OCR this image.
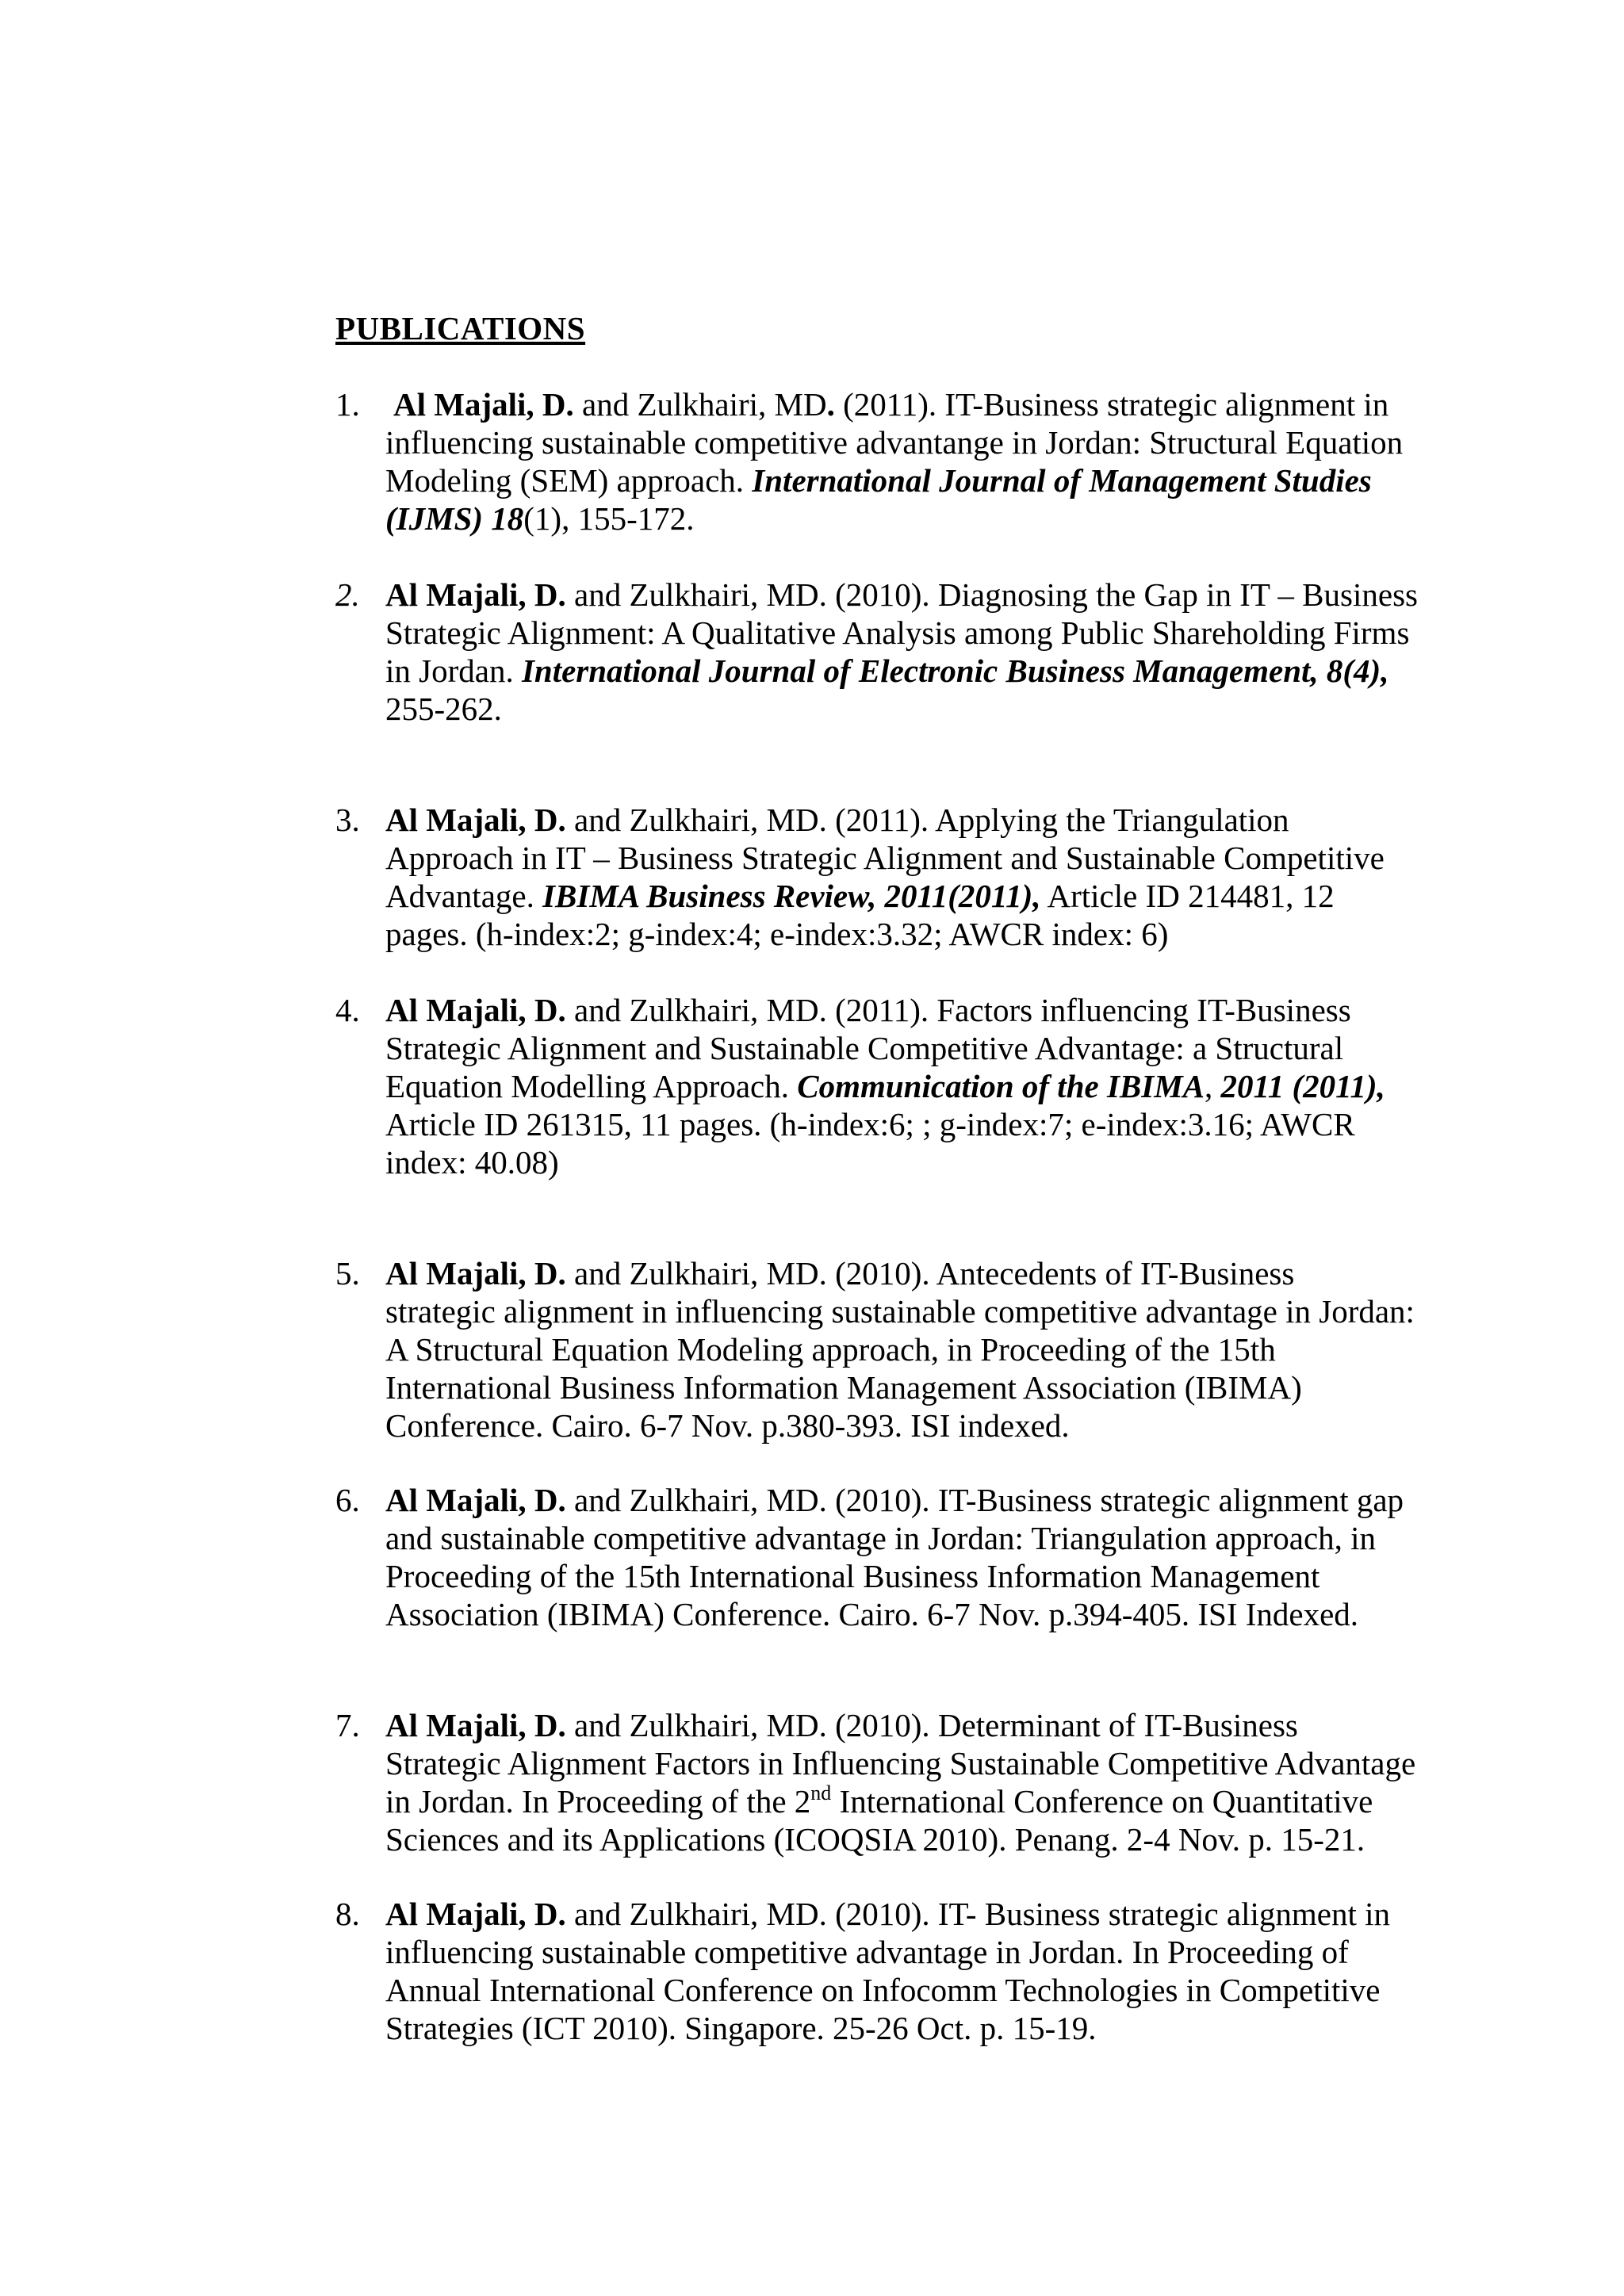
PUBLICATIONS
1. Al Majali, D. and Zulkhairi, MD. (2011). IT-Business strategic alignment in
influencing sustainable competitive advantange in Jordan: Structural Equation
Modeling (SEM) approach. International Journal of Management Studies
(IJMS) 18(1), 155-172.
2. Al Majali, D. and Zulkhairi, MD. (2010). Diagnosing the Gap in IT – Business
Strategic Alignment: A Qualitative Analysis among Public Shareholding Firms
in Jordan. International Journal of Electronic Business Management, 8(4),
255-262.
3. Al Majali, D. and Zulkhairi, MD. (2011). Applying the Triangulation
Approach in IT – Business Strategic Alignment and Sustainable Competitive
Advantage. IBIMA Business Review, 2011(2011), Article ID 214481, 12
pages. (h-index:2; g-index:4; e-index:3.32; AWCR index: 6)
4. Al Majali, D. and Zulkhairi, MD. (2011). Factors influencing IT-Business
Strategic Alignment and Sustainable Competitive Advantage: a Structural
Equation Modelling Approach. Communication of the IBIMA, 2011 (2011),
Article ID 261315, 11 pages. (h-index:6; ; g-index:7; e-index:3.16; AWCR
index: 40.08)
5. Al Majali, D. and Zulkhairi, MD. (2010). Antecedents of IT-Business
strategic alignment in influencing sustainable competitive advantage in Jordan:
A Structural Equation Modeling approach, in Proceeding of the 15th
International Business Information Management Association (IBIMA)
Conference. Cairo. 6-7 Nov. p.380-393. ISI indexed.
6. Al Majali, D. and Zulkhairi, MD. (2010). IT-Business strategic alignment gap
and sustainable competitive advantage in Jordan: Triangulation approach, in
Proceeding of the 15th International Business Information Management
Association (IBIMA) Conference. Cairo. 6-7 Nov. p.394-405. ISI Indexed.
7. Al Majali, D. and Zulkhairi, MD. (2010). Determinant of IT-Business
Strategic Alignment Factors in Influencing Sustainable Competitive Advantage
in Jordan. In Proceeding of the 2nd International Conference on Quantitative
Sciences and its Applications (ICOQSIA 2010). Penang. 2-4 Nov. p. 15-21.
8. Al Majali, D. and Zulkhairi, MD. (2010). IT- Business strategic alignment in
influencing sustainable competitive advantage in Jordan. In Proceeding of
Annual International Conference on Infocomm Technologies in Competitive
Strategies (ICT 2010). Singapore. 25-26 Oct. p. 15-19.
